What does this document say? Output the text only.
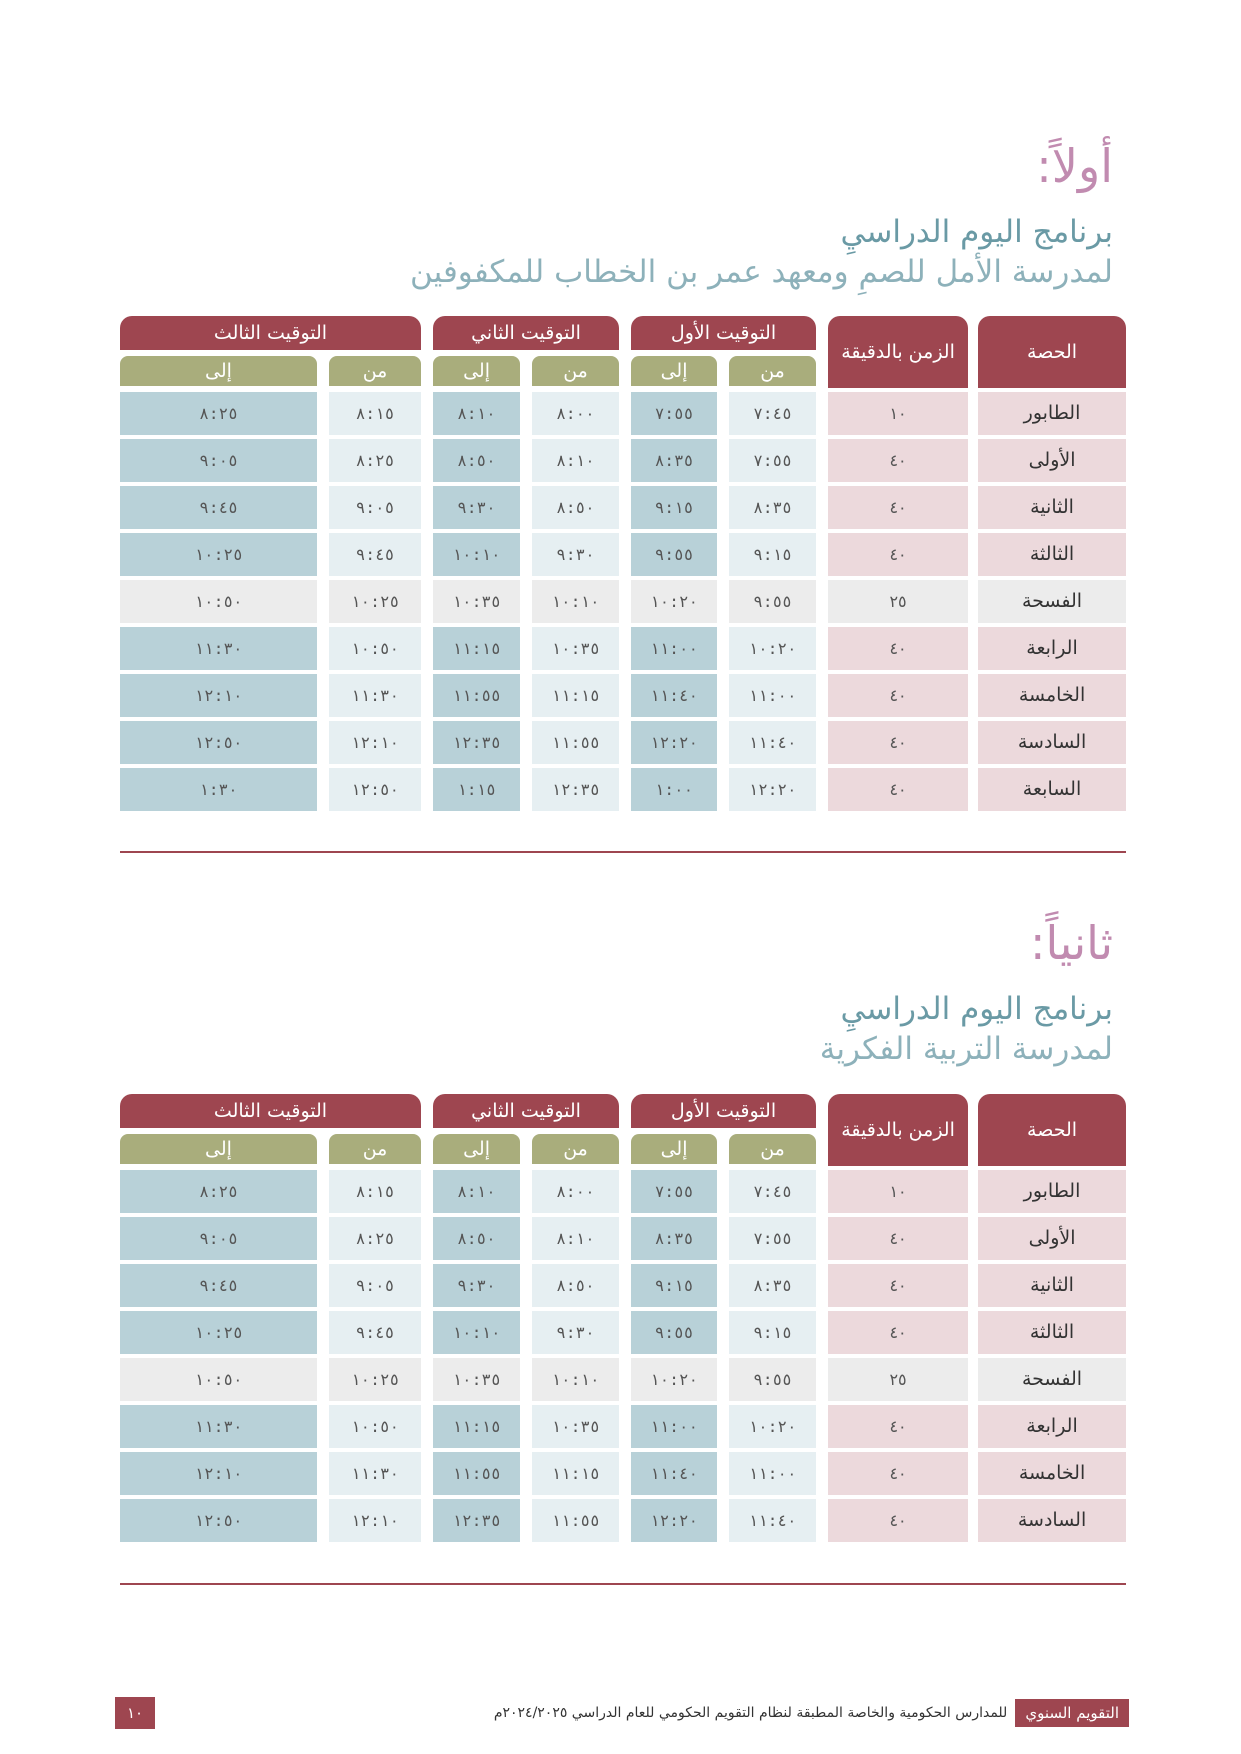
أولاً:
برنامج اليوم الدراسيِ
لمدرسة الأمل للصمِ ومعهد عمر بن الخطاب للمكفوفين
الحصة	الزمن بالدقيقة	التوقيت الأول		التوقيت الثاني		التوقيت الثالث	

		من	إلى	من	إلى	من	إلى

الطابور	١٠	٧:٤٥	٧:٥٥	٨:٠٠	٨:١٠	٨:١٥	٨:٢٥

الأولى	٤٠	٧:٥٥	٨:٣٥	٨:١٠	٨:٥٠	٨:٢٥	٩:٠٥

الثانية	٤٠	٨:٣٥	٩:١٥	٨:٥٠	٩:٣٠	٩:٠٥	٩:٤٥

الثالثة	٤٠	٩:١٥	٩:٥٥	٩:٣٠	١٠:١٠	٩:٤٥	١٠:٢٥

الفسحة	٢٥	٩:٥٥	١٠:٢٠	١٠:١٠	١٠:٣٥	١٠:٢٥	١٠:٥٠

الرابعة	٤٠	١٠:٢٠	١١:٠٠	١٠:٣٥	١١:١٥	١٠:٥٠	١١:٣٠

الخامسة	٤٠	١١:٠٠	١١:٤٠	١١:١٥	١١:٥٥	١١:٣٠	١٢:١٠

السادسة	٤٠	١١:٤٠	١٢:٢٠	١١:٥٥	١٢:٣٥	١٢:١٠	١٢:٥٠

السابعة	٤٠	١٢:٢٠	١:٠٠	١٢:٣٥	١:١٥	١٢:٥٠	١:٣٠
ثانياً:
برنامج اليوم الدراسيِ
لمدرسة التربية الفكرية
الحصة	الزمن بالدقيقة	التوقيت الأول		التوقيت الثاني		التوقيت الثالث	

		من	إلى	من	إلى	من	إلى

الطابور	١٠	٧:٤٥	٧:٥٥	٨:٠٠	٨:١٠	٨:١٥	٨:٢٥

الأولى	٤٠	٧:٥٥	٨:٣٥	٨:١٠	٨:٥٠	٨:٢٥	٩:٠٥

الثانية	٤٠	٨:٣٥	٩:١٥	٨:٥٠	٩:٣٠	٩:٠٥	٩:٤٥

الثالثة	٤٠	٩:١٥	٩:٥٥	٩:٣٠	١٠:١٠	٩:٤٥	١٠:٢٥

الفسحة	٢٥	٩:٥٥	١٠:٢٠	١٠:١٠	١٠:٣٥	١٠:٢٥	١٠:٥٠

الرابعة	٤٠	١٠:٢٠	١١:٠٠	١٠:٣٥	١١:١٥	١٠:٥٠	١١:٣٠

الخامسة	٤٠	١١:٠٠	١١:٤٠	١١:١٥	١١:٥٥	١١:٣٠	١٢:١٠

السادسة	٤٠	١١:٤٠	١٢:٢٠	١١:٥٥	١٢:٣٥	١٢:١٠	١٢:٥٠
١٠	التقويم السنوي
للمدارس الحكومية والخاصة المطبقة لنظام التقويم الحكومي للعام الدراسي ٢٠٢٤/٢٠٢٥م
